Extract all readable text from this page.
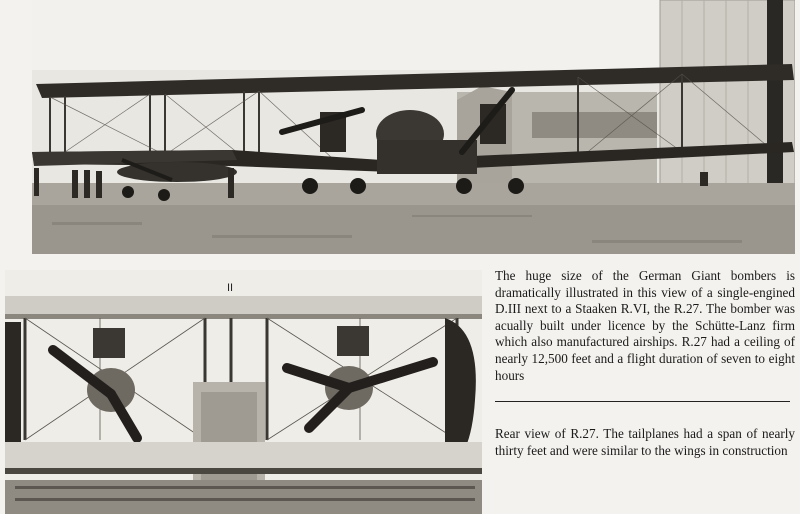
II

The huge size of the German Giant bombers is dramatically illustrated in this view of a single-engined D.III next to a Staaken R.VI, the R.27. The bomber was acually built under licence by the Schütte-Lanz firm which also manufactured airships. R.27 had a ceiling of nearly 12,500 feet and a flight duration of seven to eight hours

Rear view of R.27. The tailplanes had a span of nearly thirty feet and were similar to the wings in construction
